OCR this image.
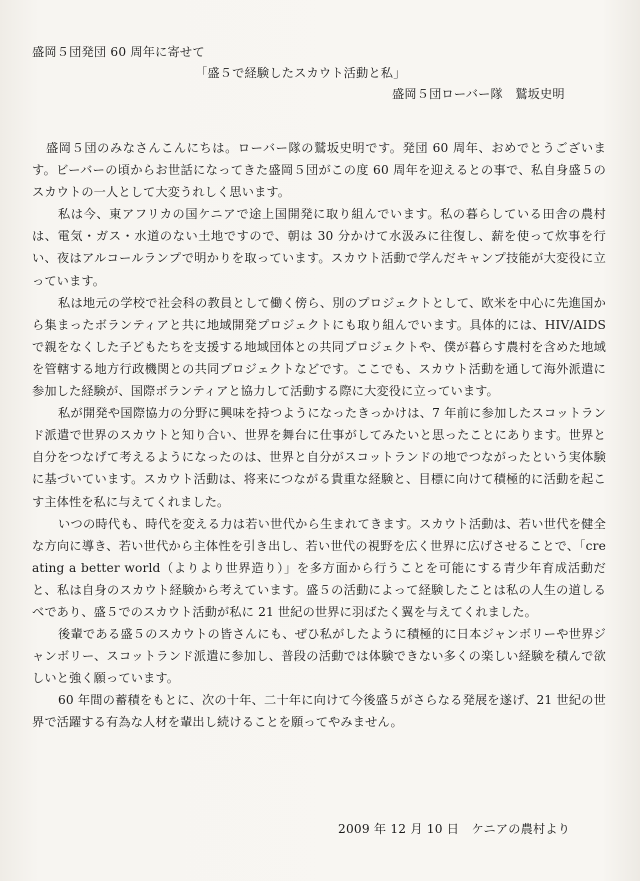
盛岡５団発団 60 周年に寄せて
「盛５で経験したスカウト活動と私」
盛岡５団ローバー隊　鷲坂史明

盛岡５団のみなさんこんにちは。ローバー隊の鷲坂史明です。発団 60 周年、おめでとうございます。ビーバーの頃からお世話になってきた盛岡５団がこの度 60 周年を迎えるとの事で、私自身盛５のスカウトの一人として大変うれしく思います。

私は今、東アフリカの国ケニアで途上国開発に取り組んでいます。私の暮らしている田舎の農村は、電気・ガス・水道のない土地ですので、朝は 30 分かけて水汲みに往復し、薪を使って炊事を行い、夜はアルコールランプで明かりを取っています。スカウト活動で学んだキャンプ技能が大変役に立っています。

私は地元の学校で社会科の教員として働く傍ら、別のプロジェクトとして、欧米を中心に先進国から集まったボランティアと共に地域開発プロジェクトにも取り組んでいます。具体的には、HIV/AIDS で親をなくした子どもたちを支援する地域団体との共同プロジェクトや、僕が暮らす農村を含めた地域を管轄する地方行政機関との共同プロジェクトなどです。ここでも、スカウト活動を通して海外派遣に参加した経験が、国際ボランティアと協力して活動する際に大変役に立っています。

私が開発や国際協力の分野に興味を持つようになったきっかけは、7 年前に参加したスコットランド派遣で世界のスカウトと知り合い、世界を舞台に仕事がしてみたいと思ったことにあります。世界と自分をつなげて考えるようになったのは、世界と自分がスコットランドの地でつながったという実体験に基づいています。スカウト活動は、将来につながる貴重な経験と、目標に向けて積極的に活動を起こす主体性を私に与えてくれました。

いつの時代も、時代を変える力は若い世代から生まれてきます。スカウト活動は、若い世代を健全な方向に導き、若い世代から主体性を引き出し、若い世代の視野を広く世界に広げさせることで、「creating a better world（よりより世界造り）」を多方面から行うことを可能にする青少年育成活動だと、私は自身のスカウト経験から考えています。盛５の活動によって経験したことは私の人生の道しるべであり、盛５でのスカウト活動が私に 21 世紀の世界に羽ばたく翼を与えてくれました。

後輩である盛５のスカウトの皆さんにも、ぜひ私がしたように積極的に日本ジャンボリーや世界ジャンボリー、スコットランド派遣に参加し、普段の活動では体験できない多くの楽しい経験を積んで欲しいと強く願っています。

60 年間の蓄積をもとに、次の十年、二十年に向けて今後盛５がさらなる発展を遂げ、21 世紀の世界で活躍する有為な人材を輩出し続けることを願ってやみません。

2009 年 12 月 10 日　ケニアの農村より
